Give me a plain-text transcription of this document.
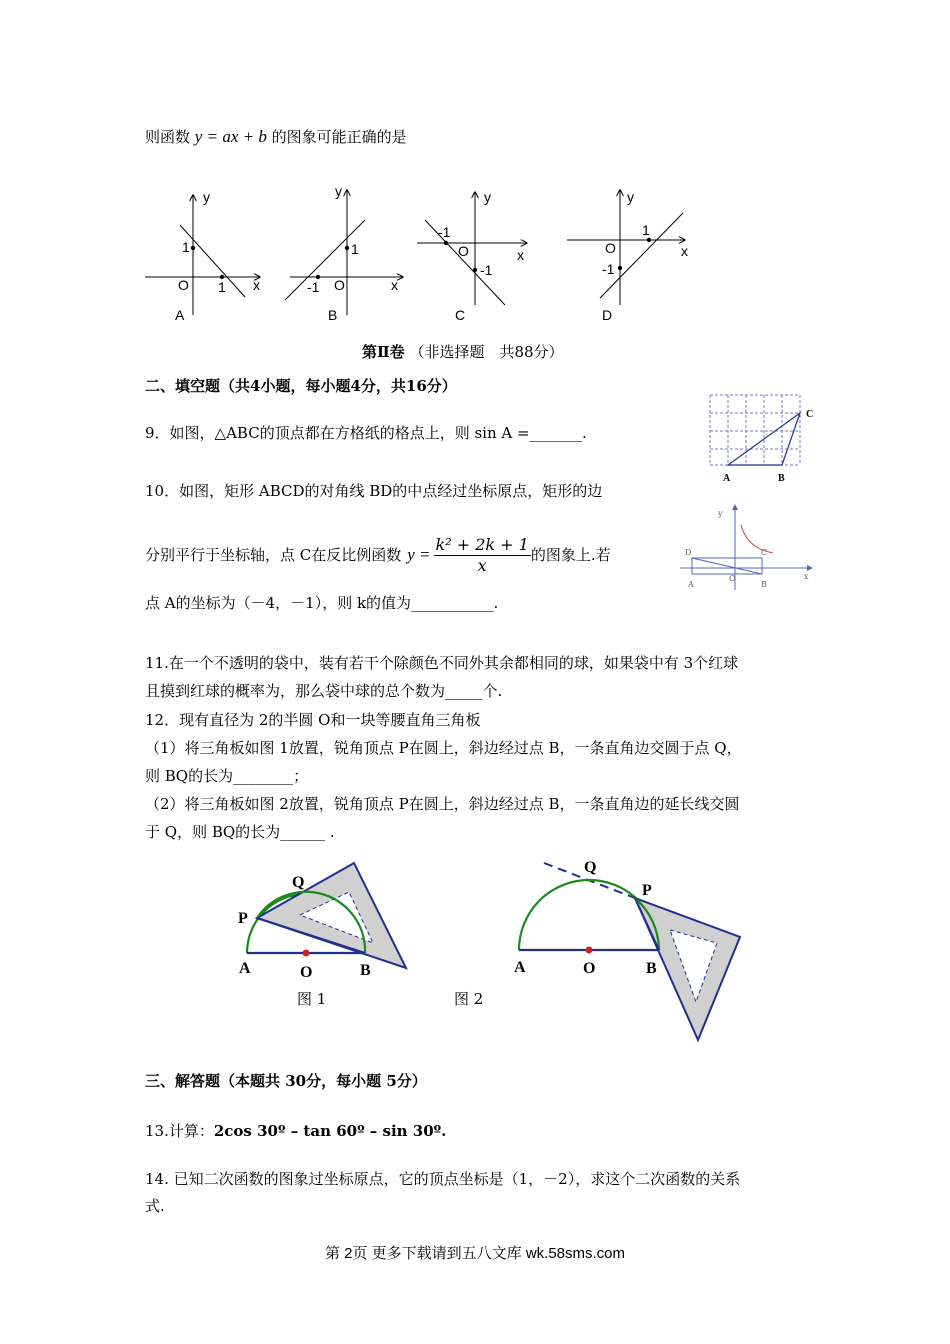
则函数 y = ax + b 的图象可能正确的是
y
x
O
1
1
A
y
x
O
-1
1
B
y
x
O
-1
-1
C
y
x
O
1
-1
D
第Ⅱ卷 （非选择题　共88分）
二、填空题（共4小题，每小题4分，共16分）
9．如图，△ABC的顶点都在方格纸的格点上，则 sin A =_______.
A	B
C
10．如图，矩形 ABCD的对角线 BD的中点经过坐标原点，矩形的边
分别平行于坐标轴，点 C在反比例函数 $y = \frac{\text{k² + 2k + 1}}{x}$ 的图象上.若
点 A的坐标为（－4，－1），则 k的值为___________.
y
D	C
O	x
A	B
11.在一个不透明的袋中，装有若干个除颜色不同外其余都相同的球，如果袋中有 3个红球
且摸到红球的概率为，那么袋中球的总个数为_____个.
12．现有直径为 2的半圆 O和一块等腰直角三角板
（1）将三角板如图 1放置，锐角顶点 P在圆上，斜边经过点 B，一条直角边交圆于点 Q，
则 BQ的长为________；
（2）将三角板如图 2放置，锐角顶点 P在圆上，斜边经过点 B，一条直角边的延长线交圆
于 Q，则 BQ的长为______ .
Q
P
A	O	B
图 1
Q
P
A	O	B
图 2
三、解答题（本题共 30分，每小题 5分）
13.计算：2cos 30º – tan 60º – sin 30º.
14. 已知二次函数的图象过坐标原点，它的顶点坐标是（1，－2），求这个二次函数的关系
式.
第 2页 更多下载请到五八文库 wk.58sms.com
